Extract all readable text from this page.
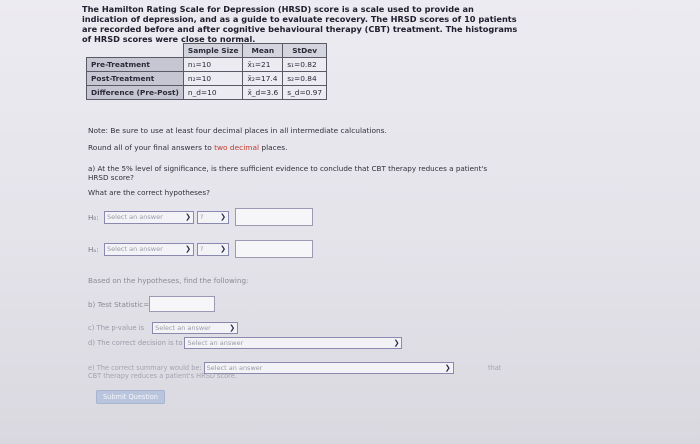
The Hamilton Rating Scale for Depression (HRSD) score is a scale used to provide an indication of depression, and as a guide to evaluate recovery. The HRSD scores of 10 patients are recorded before and after cognitive behavioural therapy (CBT) treatment. The histograms of HRSD scores were close to normal.
	Sample Size	Mean	StDev
Pre-Treatment	n₁=10	x̄₁=21	s₁=0.82
Post-Treatment	n₂=10	x̄₂=17.4	s₂=0.84
Difference (Pre-Post)	n_d=10	x̄_d=3.6	s_d=0.97
Note: Be sure to use at least four decimal places in all intermediate calculations.
Round all of your final answers to two decimal places.
a) At the 5% level of significance, is there sufficient evidence to conclude that CBT therapy reduces a patient's HRSD score?
What are the correct hypotheses?
H₀:	Select an answer	❯ ? ❯
Hₐ:	Select an answer	❯ ? ❯
Based on the hypotheses, find the following:
b) Test Statistic=
c) The p-value is Select an answer	❯
d) The correct decision is to Select an answer	❯
e) The correct summary would be: Select an answer	❯	that
CBT therapy reduces a patient's HRSD score.
Submit Question
